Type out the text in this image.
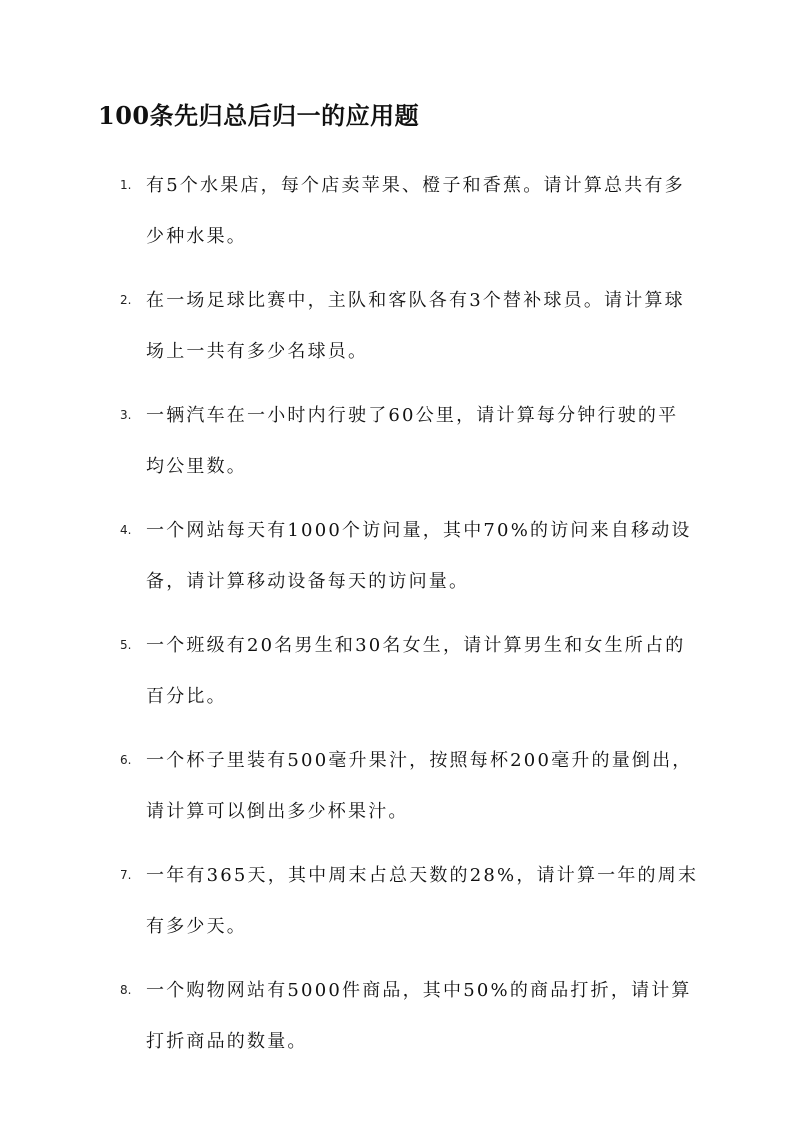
100条先归总后归一的应用题
1. 有5个水果店，每个店卖苹果、橙子和香蕉。请计算总共有多
少种水果。
2. 在一场足球比赛中，主队和客队各有3个替补球员。请计算球
场上一共有多少名球员。
3. 一辆汽车在一小时内行驶了60公里，请计算每分钟行驶的平
均公里数。
4. 一个网站每天有1000个访问量，其中70%的访问来自移动设
备，请计算移动设备每天的访问量。
5. 一个班级有20名男生和30名女生，请计算男生和女生所占的
百分比。
6. 一个杯子里装有500毫升果汁，按照每杯200毫升的量倒出，
请计算可以倒出多少杯果汁。
7. 一年有365天，其中周末占总天数的28%，请计算一年的周末
有多少天。
8. 一个购物网站有5000件商品，其中50%的商品打折，请计算
打折商品的数量。
